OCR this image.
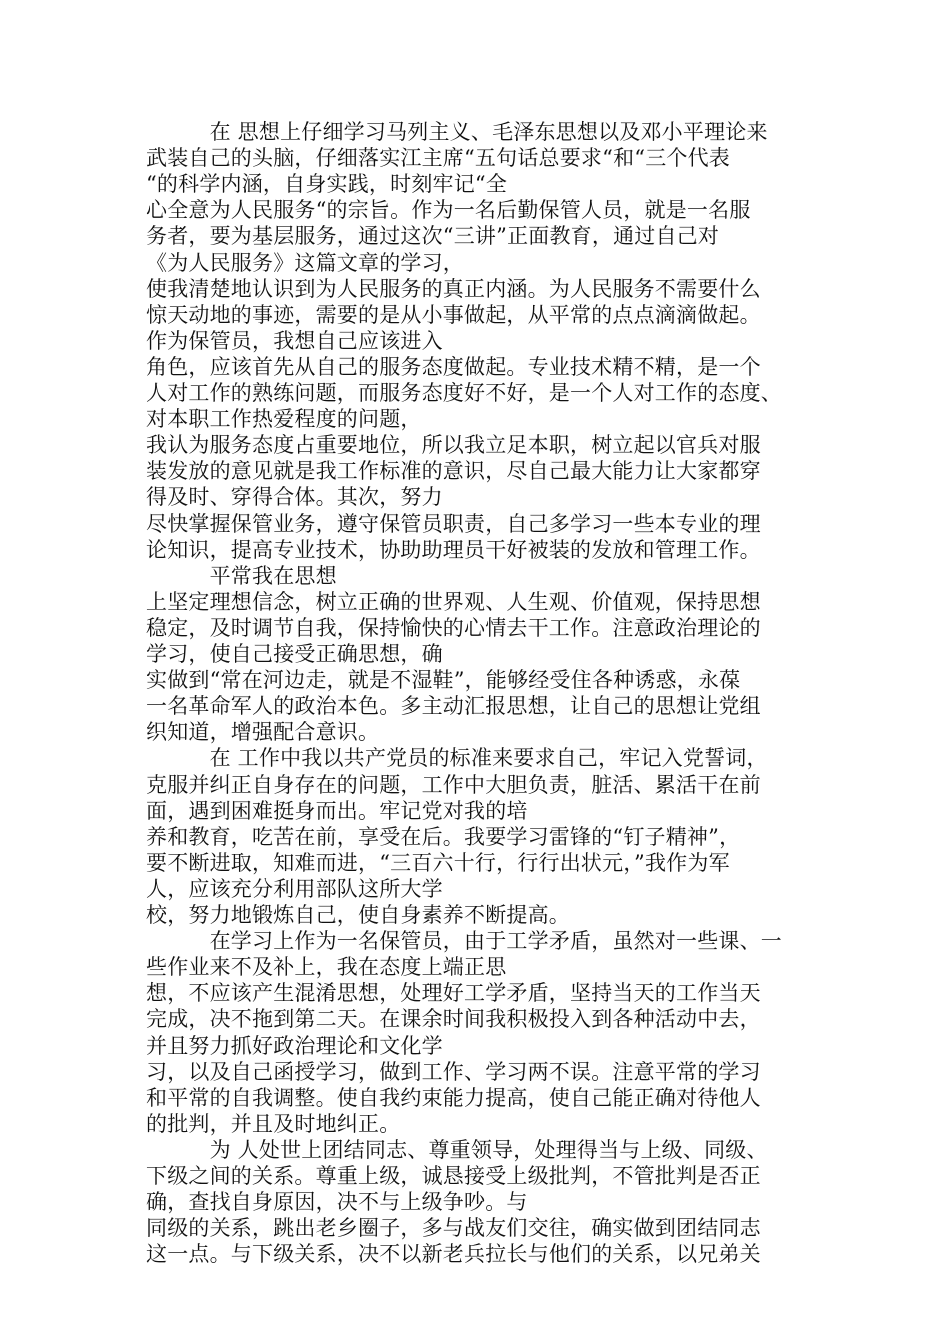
　　　在 思想上仔细学习马列主义、毛泽东思想以及邓小平理论来
武装自己的头脑，仔细落实江主席“五句话总要求“和“三个代表
“的科学内涵，自身实践，时刻牢记“全
心全意为人民服务“的宗旨。作为一名后勤保管人员，就是一名服
务者，要为基层服务，通过这次“三讲”正面教育，通过自己对
《为人民服务》这篇文章的学习，
使我清楚地认识到为人民服务的真正内涵。为人民服务不需要什么
惊天动地的事迹，需要的是从小事做起，从平常的点点滴滴做起。
作为保管员，我想自己应该进入
角色，应该首先从自己的服务态度做起。专业技术精不精，是一个
人对工作的熟练问题，而服务态度好不好，是一个人对工作的态度、
对本职工作热爱程度的问题，
我认为服务态度占重要地位，所以我立足本职，树立起以官兵对服
装发放的意见就是我工作标准的意识，尽自己最大能力让大家都穿
得及时、穿得合体。其次，努力
尽快掌握保管业务，遵守保管员职责，自己多学习一些本专业的理
论知识，提高专业技术，协助助理员干好被装的发放和管理工作。
　　　平常我在思想
上坚定理想信念，树立正确的世界观、人生观、价值观，保持思想
稳定，及时调节自我，保持愉快的心情去干工作。注意政治理论的
学习，使自己接受正确思想，确
实做到“常在河边走，就是不湿鞋”，能够经受住各种诱惑，永葆
一名革命军人的政治本色。多主动汇报思想，让自己的思想让党组
织知道，增强配合意识。
　　　在 工作中我以共产党员的标准来要求自己，牢记入党誓词，
克服并纠正自身存在的问题，工作中大胆负责，脏活、累活干在前
面，遇到困难挺身而出。牢记党对我的培
养和教育，吃苦在前，享受在后。我要学习雷锋的“钉子精神”，
要不断进取，知难而进，“三百六十行，行行出状元，”我作为军
人，应该充分利用部队这所大学
校，努力地锻炼自己，使自身素养不断提高。
　　　在学习上作为一名保管员，由于工学矛盾，虽然对一些课、一
些作业来不及补上，我在态度上端正思
想，不应该产生混淆思想，处理好工学矛盾，坚持当天的工作当天
完成，决不拖到第二天。在课余时间我积极投入到各种活动中去，
并且努力抓好政治理论和文化学
习，以及自己函授学习，做到工作、学习两不误。注意平常的学习
和平常的自我调整。使自我约束能力提高，使自己能正确对待他人
的批判，并且及时地纠正。
　　　为 人处世上团结同志、尊重领导，处理得当与上级、同级、
下级之间的关系。尊重上级，诚恳接受上级批判，不管批判是否正
确，查找自身原因，决不与上级争吵。与
同级的关系，跳出老乡圈子，多与战友们交往，确实做到团结同志
这一点。与下级关系，决不以新老兵拉长与他们的关系，以兄弟关
